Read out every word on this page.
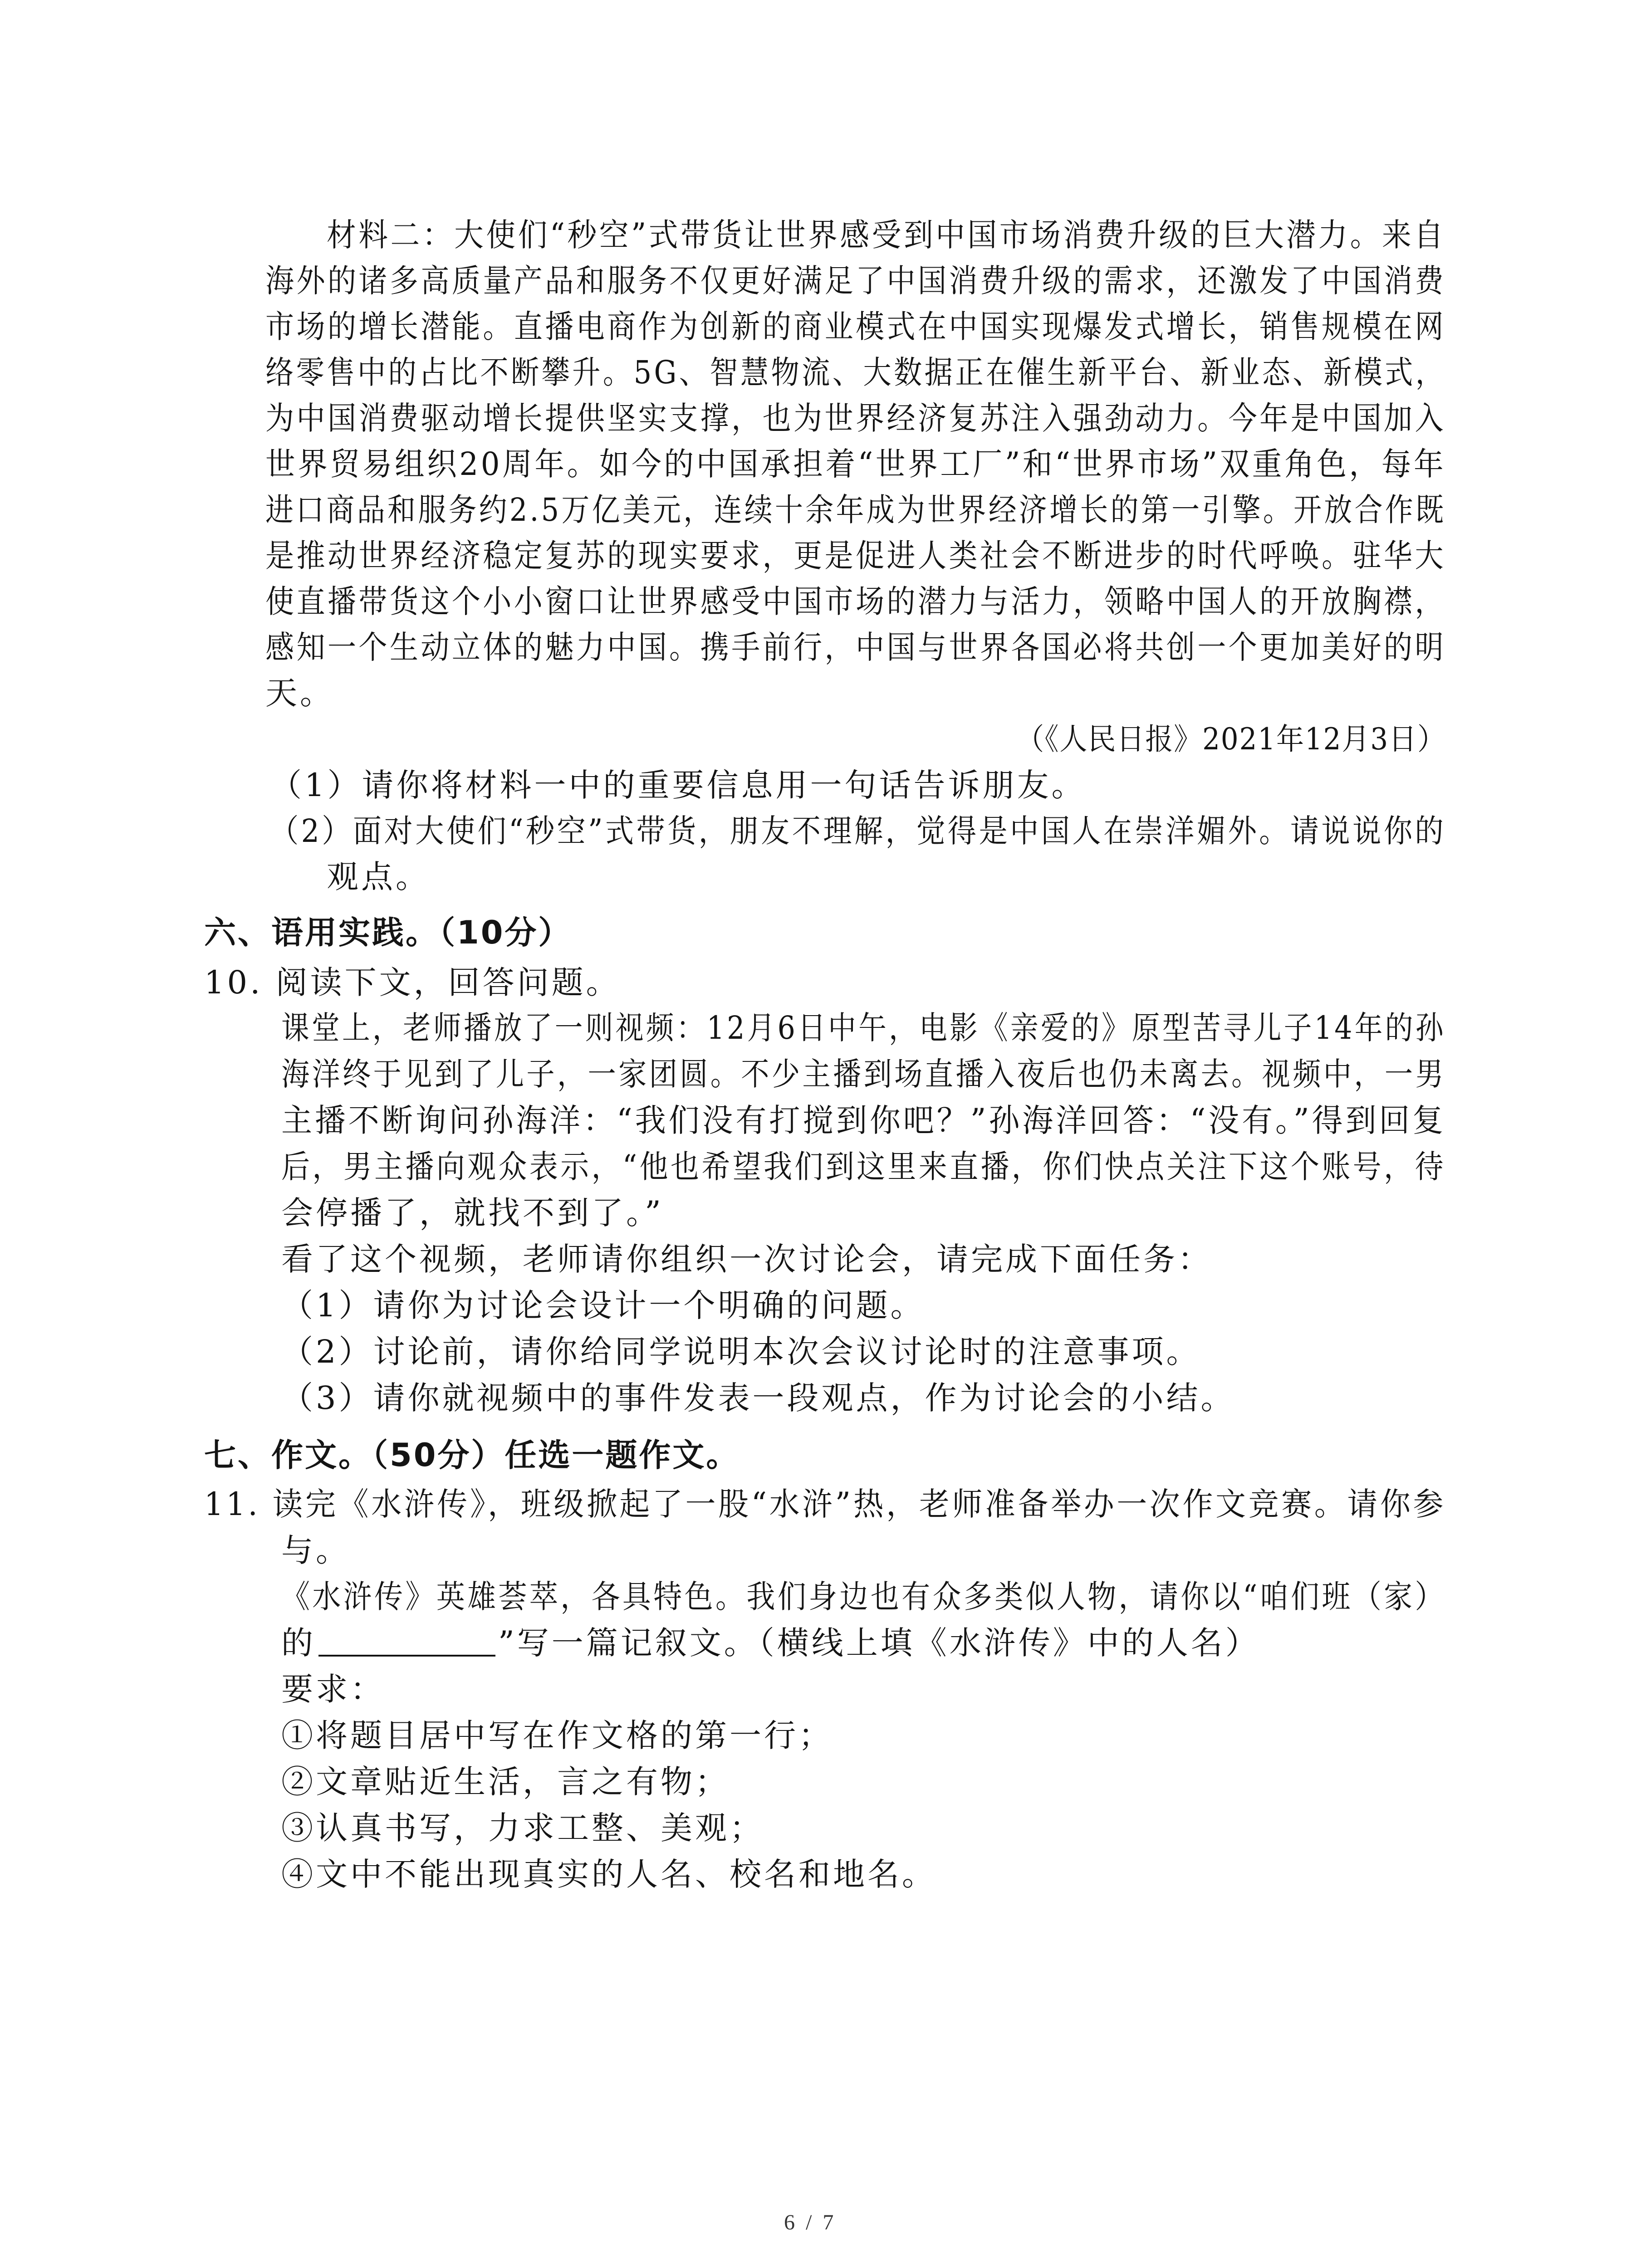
材料二：大使们“秒空”式带货让世界感受到中国市场消费升级的巨大潜力。来自
海外的诸多高质量产品和服务不仅更好满足了中国消费升级的需求，还激发了中国消费
市场的增长潜能。直播电商作为创新的商业模式在中国实现爆发式增长，销售规模在网
络零售中的占比不断攀升。5G、智慧物流、大数据正在催生新平台、新业态、新模式，
为中国消费驱动增长提供坚实支撑，也为世界经济复苏注入强劲动力。今年是中国加入
世界贸易组织20周年。如今的中国承担着“世界工厂”和“世界市场”双重角色，每年
进口商品和服务约2.5万亿美元，连续十余年成为世界经济增长的第一引擎。开放合作既
是推动世界经济稳定复苏的现实要求，更是促进人类社会不断进步的时代呼唤。驻华大
使直播带货这个小小窗口让世界感受中国市场的潜力与活力，领略中国人的开放胸襟，
感知一个生动立体的魅力中国。携手前行，中国与世界各国必将共创一个更加美好的明
天。
（《人民日报》2021年12月3日）
（1）请你将材料一中的重要信息用一句话告诉朋友。
（2）面对大使们“秒空”式带货，朋友不理解，觉得是中国人在崇洋媚外。请说说你的
观点。
六、语用实践。（10分）
10. 阅读下文，回答问题。
课堂上，老师播放了一则视频：12月6日中午，电影《亲爱的》原型苦寻儿子14年的孙
海洋终于见到了儿子，一家团圆。不少主播到场直播入夜后也仍未离去。视频中，一男
主播不断询问孙海洋：“我们没有打搅到你吧？”孙海洋回答：“没有。”得到回复
后，男主播向观众表示，“他也希望我们到这里来直播，你们快点关注下这个账号，待
会停播了，就找不到了。”
看了这个视频，老师请你组织一次讨论会，请完成下面任务：
（1）请你为讨论会设计一个明确的问题。
（2）讨论前，请你给同学说明本次会议讨论时的注意事项。
（3）请你就视频中的事件发表一段观点，作为讨论会的小结。
七、作文。（50分）任选一题作文。
11. 读完《水浒传》，班级掀起了一股“水浒”热，老师准备举办一次作文竞赛。请你参
与。
《水浒传》英雄荟萃，各具特色。我们身边也有众多类似人物，请你以“咱们班（家）
的	”写一篇记叙文。（横线上填《水浒传》中的人名）
要求：
①将题目居中写在作文格的第一行；
②文章贴近生活，言之有物；
③认真书写，力求工整、美观；
④文中不能出现真实的人名、校名和地名。
6 / 7
